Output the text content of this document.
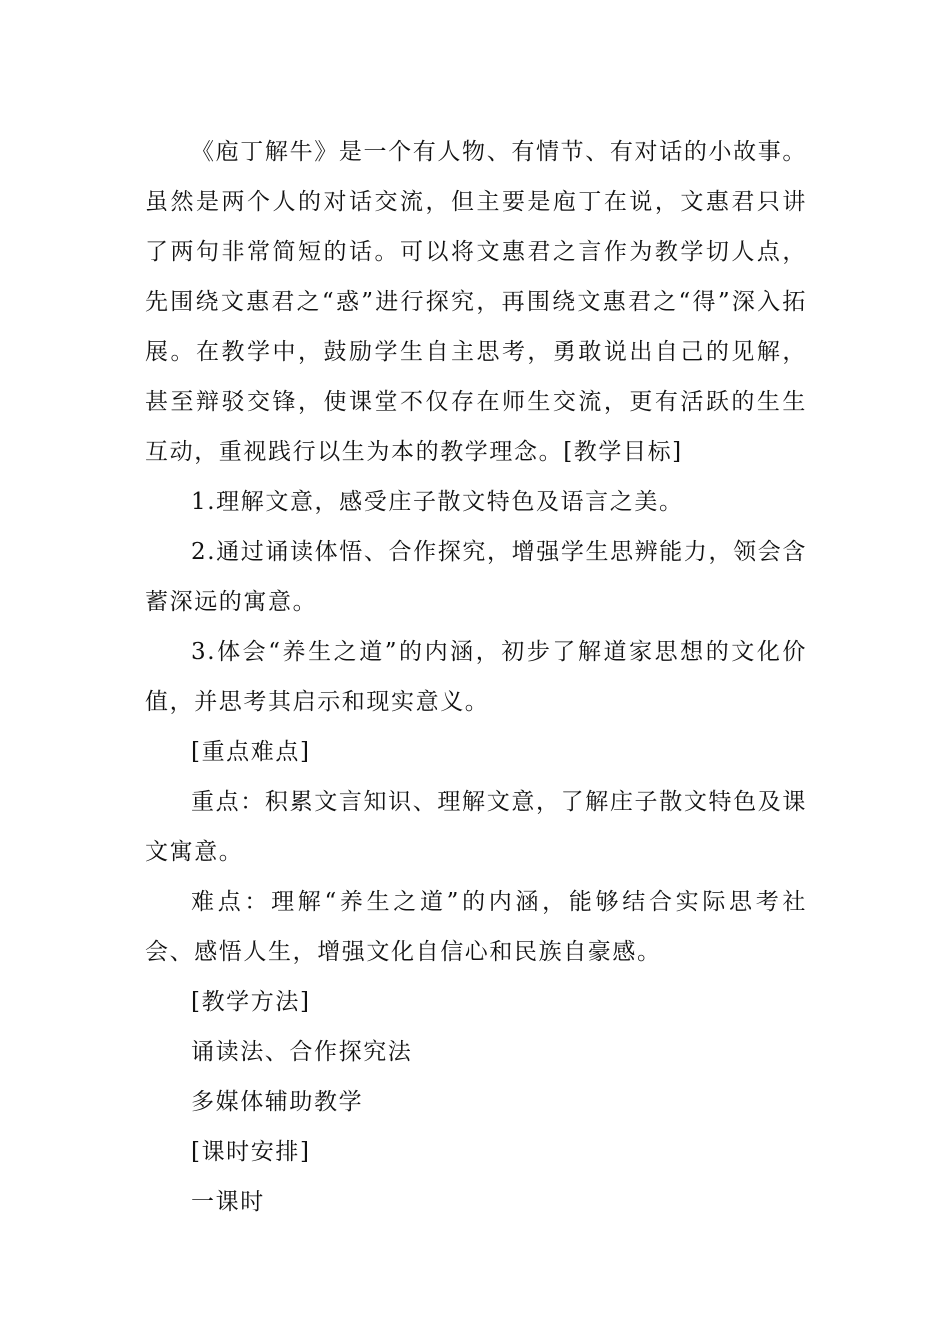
《庖丁解牛》是一个有人物、有情节、有对话的小故事。虽然是两个人的对话交流，但主要是庖丁在说，文惠君只讲了两句非常简短的话。可以将文惠君之言作为教学切人点，先围绕文惠君之“惑”进行探究，再围绕文惠君之“得”深入拓展。在教学中，鼓励学生自主思考，勇敢说出自己的见解，甚至辩驳交锋，使课堂不仅存在师生交流，更有活跃的生生互动，重视践行以生为本的教学理念。[教学目标]

1.理解文意，感受庄子散文特色及语言之美。

2.通过诵读体悟、合作探究，增强学生思辨能力，领会含蓄深远的寓意。

3.体会“养生之道”的内涵，初步了解道家思想的文化价值，并思考其启示和现实意义。

[重点难点]

重点：积累文言知识、理解文意，了解庄子散文特色及课文寓意。

难点：理解“养生之道”的内涵，能够结合实际思考社会、感悟人生，增强文化自信心和民族自豪感。

[教学方法]

诵读法、合作探究法

多媒体辅助教学

[课时安排]

一课时
